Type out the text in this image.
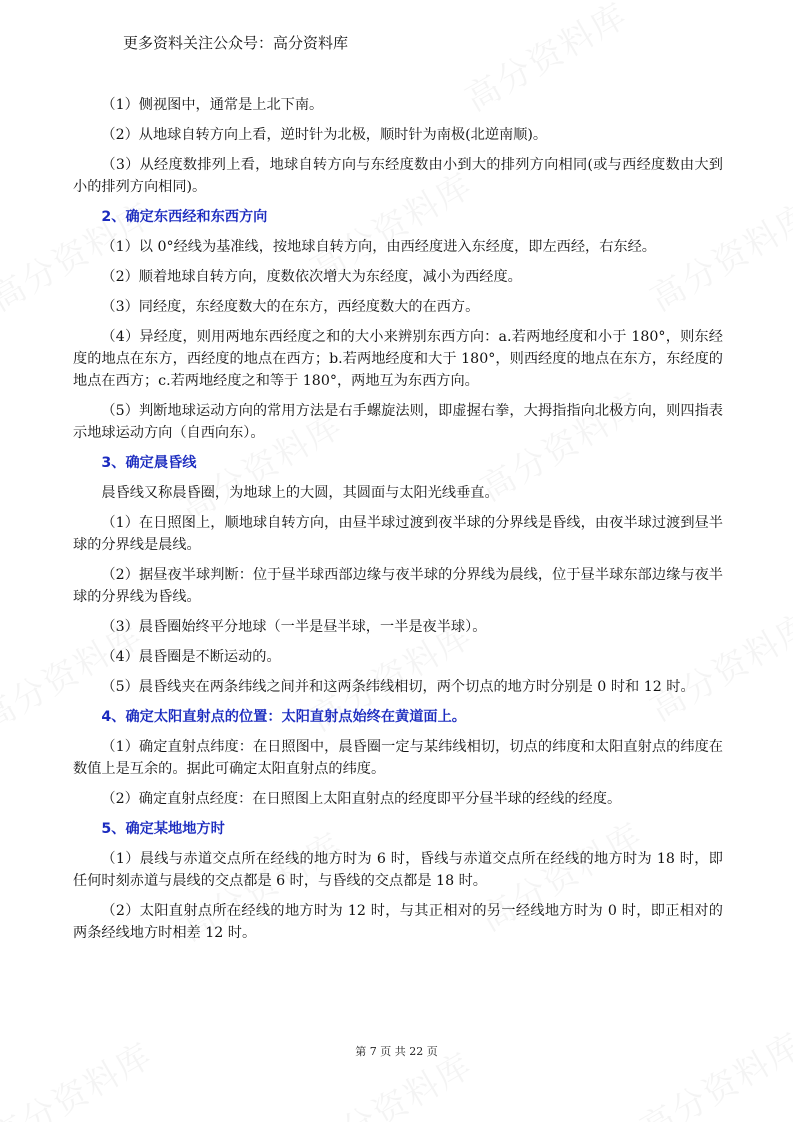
更多资料关注公众号：高分资料库

（1）侧视图中，通常是上北下南。

（2）从地球自转方向上看，逆时针为北极，顺时针为南极(北逆南顺)。

（3）从经度数排列上看，地球自转方向与东经度数由小到大的排列方向相同(或与西经度数由大到小的排列方向相同)。

2、确定东西经和东西方向

（1）以 0°经线为基准线，按地球自转方向，由西经度进入东经度，即左西经，右东经。

（2）顺着地球自转方向，度数依次增大为东经度，减小为西经度。

（3）同经度，东经度数大的在东方，西经度数大的在西方。

（4）异经度，则用两地东西经度之和的大小来辨别东西方向：a.若两地经度和小于 180°，则东经度的地点在东方，西经度的地点在西方；b.若两地经度和大于 180°，则西经度的地点在东方，东经度的地点在西方；c.若两地经度之和等于 180°，两地互为东西方向。

（5）判断地球运动方向的常用方法是右手螺旋法则，即虚握右拳，大拇指指向北极方向，则四指表示地球运动方向（自西向东）。

3、确定晨昏线

晨昏线又称晨昏圈，为地球上的大圆，其圆面与太阳光线垂直。

（1）在日照图上，顺地球自转方向，由昼半球过渡到夜半球的分界线是昏线，由夜半球过渡到昼半球的分界线是晨线。

（2）据昼夜半球判断：位于昼半球西部边缘与夜半球的分界线为晨线，位于昼半球东部边缘与夜半球的分界线为昏线。

（3）晨昏圈始终平分地球（一半是昼半球，一半是夜半球）。

（4）晨昏圈是不断运动的。

（5）晨昏线夹在两条纬线之间并和这两条纬线相切，两个切点的地方时分别是 0 时和 12 时。

4、确定太阳直射点的位置：太阳直射点始终在黄道面上。

（1）确定直射点纬度：在日照图中，晨昏圈一定与某纬线相切，切点的纬度和太阳直射点的纬度在数值上是互余的。据此可确定太阳直射点的纬度。

（2）确定直射点经度：在日照图上太阳直射点的经度即平分昼半球的经线的经度。

5、确定某地地方时

（1）晨线与赤道交点所在经线的地方时为 6 时，昏线与赤道交点所在经线的地方时为 18 时，即任何时刻赤道与晨线的交点都是 6 时，与昏线的交点都是 18 时。

（2）太阳直射点所在经线的地方时为 12 时，与其正相对的另一经线地方时为 0 时，即正相对的两条经线地方时相差 12 时。

第 7 页 共 22 页
